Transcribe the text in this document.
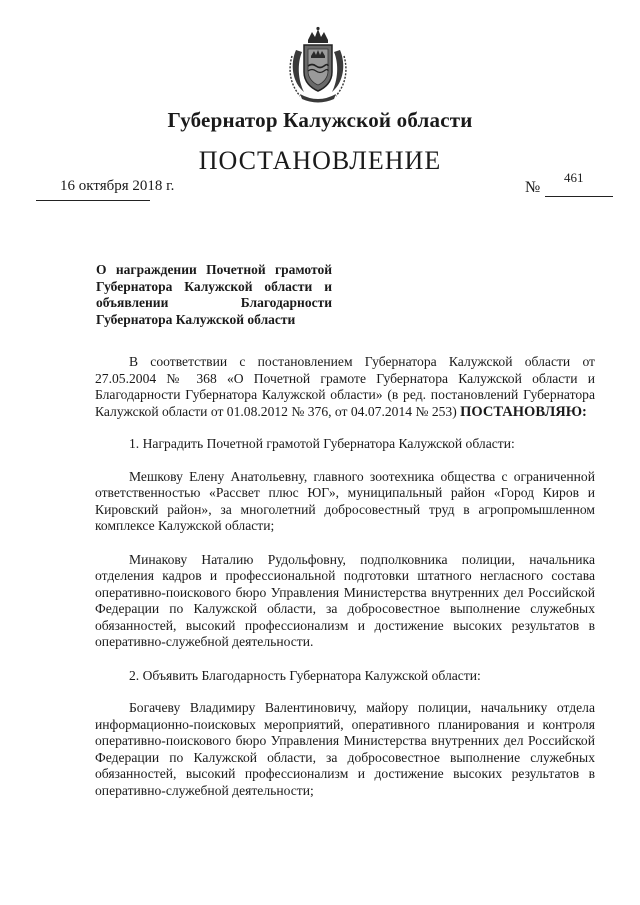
Губернатор Калужской области
ПОСТАНОВЛЕНИЕ
16 октября 2018 г.	№
461
О награждении Почетной грамотой Губернатора Калужской области и объявлении Благодарности Губернатора Калужской области

В соответствии с постановлением Губернатора Калужской области от 27.05.2004 № 368 «О Почетной грамоте Губернатора Калужской области и Благодарности Губернатора Калужской области» (в ред. постановлений Губернатора Калужской области от 01.08.2012 № 376, от 04.07.2014 № 253) ПОСТАНОВЛЯЮ:

1. Наградить Почетной грамотой Губернатора Калужской области:

Мешкову Елену Анатольевну, главного зоотехника общества с ограниченной ответственностью «Рассвет плюс ЮГ», муниципальный район «Город Киров и Кировский район», за многолетний добросовестный труд в агропромышленном комплексе Калужской области;

Минакову Наталию Рудольфовну, подполковника полиции, начальника отделения кадров и профессиональной подготовки штатного негласного состава оперативно-поискового бюро Управления Министерства внутренних дел Российской Федерации по Калужской области, за добросовестное выполнение служебных обязанностей, высокий профессионализм и достижение высоких результатов в оперативно-служебной деятельности.

2. Объявить Благодарность Губернатора Калужской области:

Богачеву Владимиру Валентиновичу, майору полиции, начальнику отдела информационно-поисковых мероприятий, оперативного планирования и контроля оперативно-поискового бюро Управления Министерства внутренних дел Российской Федерации по Калужской области, за добросовестное выполнение служебных обязанностей, высокий профессионализм и достижение высоких результатов в оперативно-служебной деятельности;
